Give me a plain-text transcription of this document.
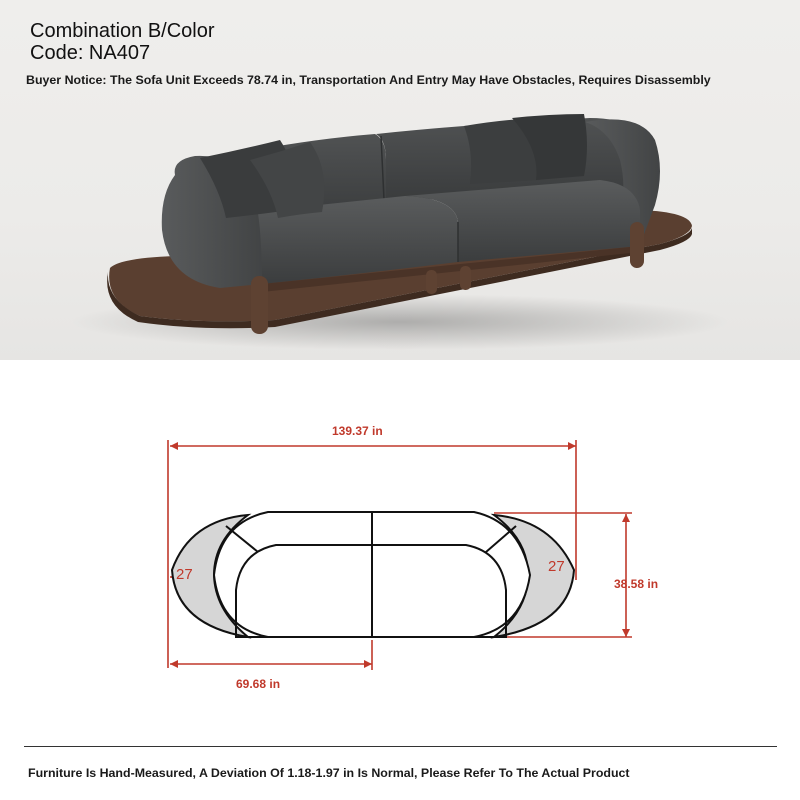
Combination B/Color
Code: NA407
Buyer Notice: The Sofa Unit Exceeds 78.74 in, Transportation And Entry May Have Obstacles, Requires Disassembly
139.37 in
38.58 in
69.68 in
27	27
Furniture Is Hand-Measured, A Deviation Of 1.18-1.97 in Is Normal, Please Refer To The Actual Product
